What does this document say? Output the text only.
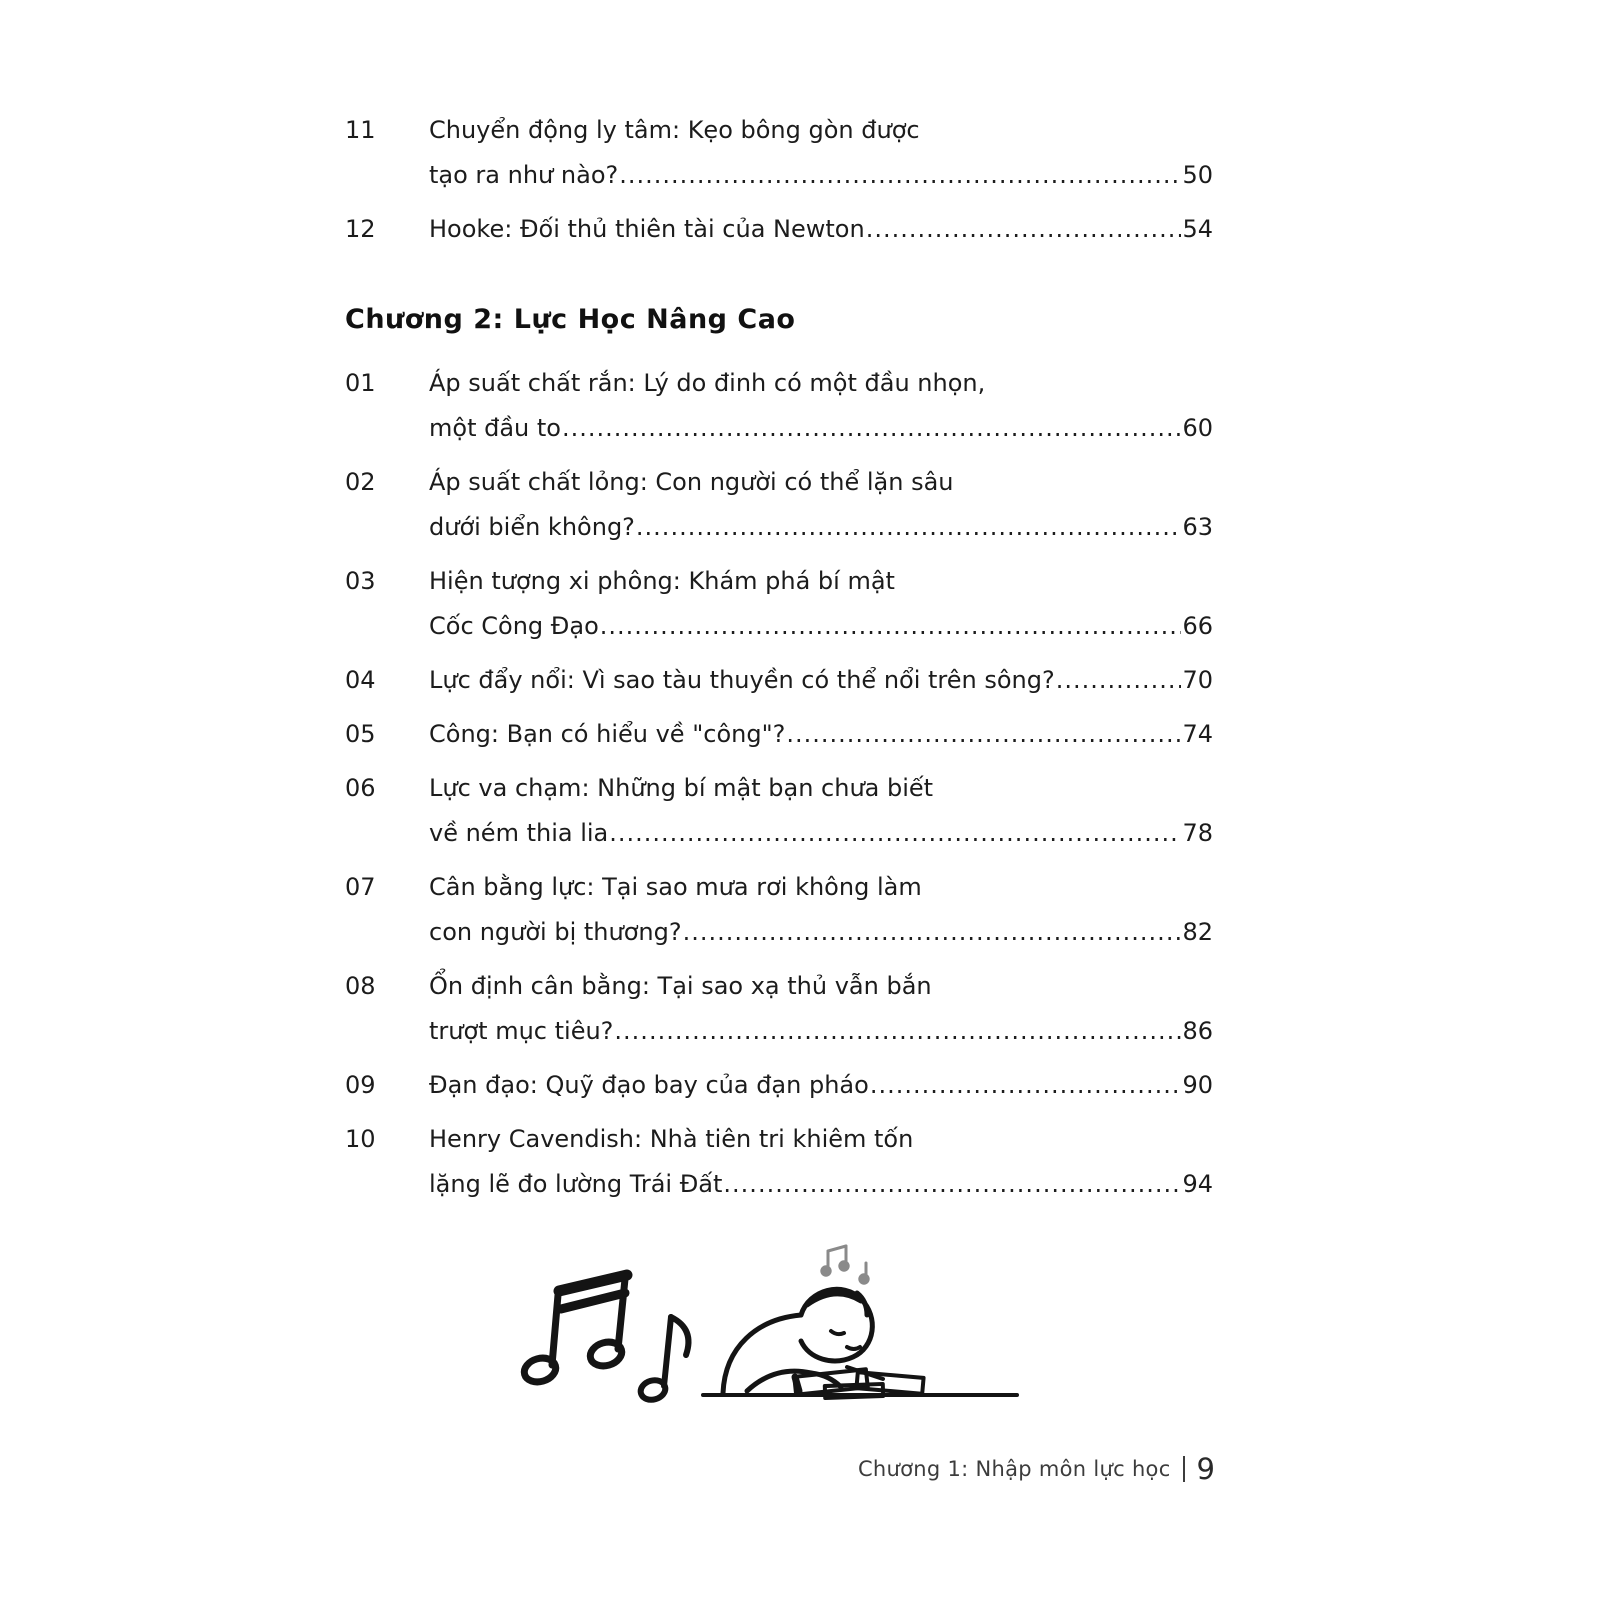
11	Chuyển động ly tâm: Kẹo bông gòn được
tạo ra như nào? .....	50
12	Hooke: Đối thủ thiên tài của Newton .....	54
Chương 2: Lực Học Nâng Cao
01	Áp suất chất rắn: Lý do đinh có một đầu nhọn,
một đầu to .....	60
02	Áp suất chất lỏng: Con người có thể lặn sâu
dưới biển không? .....	63
03	Hiện tượng xi phông: Khám phá bí mật
Cốc Công Đạo .....	66
04	Lực đẩy nổi: Vì sao tàu thuyền có thể nổi trên sông? .....	70
05	Công: Bạn có hiểu về "công"? .....	74
06	Lực va chạm: Những bí mật bạn chưa biết
về ném thia lia .....	78
07	Cân bằng lực: Tại sao mưa rơi không làm
con người bị thương? .....	82
08	Ổn định cân bằng: Tại sao xạ thủ vẫn bắn
trượt mục tiêu? .....	86
09	Đạn đạo: Quỹ đạo bay của đạn pháo .....	90
10	Henry Cavendish: Nhà tiên tri khiêm tốn
lặng lẽ đo lường Trái Đất .....	94
Chương 1: Nhập môn lực học 9
